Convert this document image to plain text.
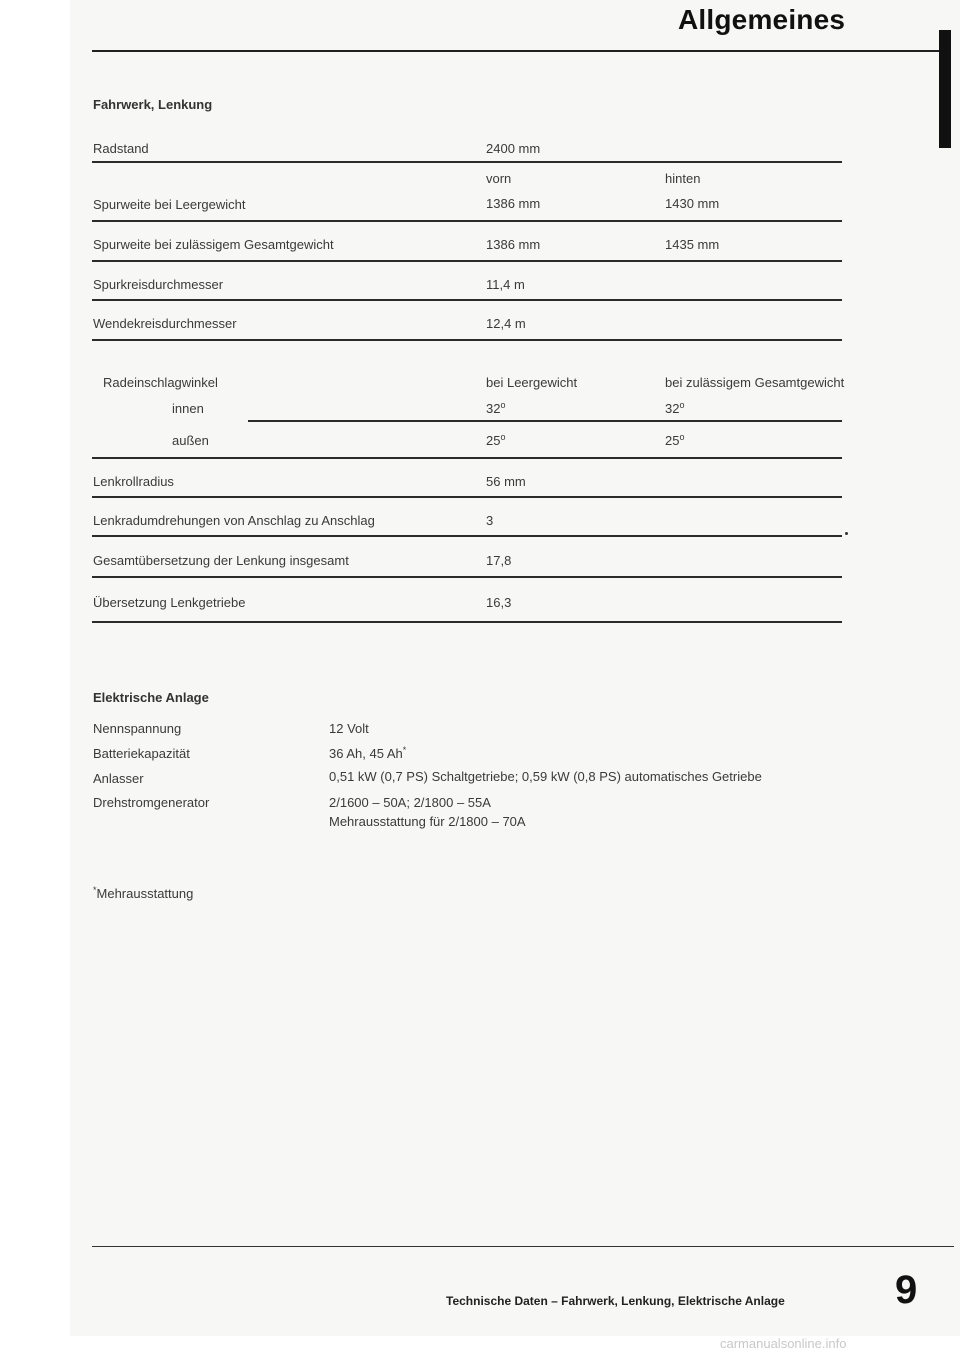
Allgemeines
Fahrwerk, Lenkung
Radstand	2400 mm
vorn	hinten
Spurweite bei Leergewicht	1386 mm	1430 mm
Spurweite bei zulässigem Gesamtgewicht	1386 mm	1435 mm
Spurkreisdurchmesser	11,4 m
Wendekreisdurchmesser	12,4 m
Radeinschlagwinkel	bei Leergewicht	bei zulässigem Gesamtgewicht
innen	32$^o$	32$^o$
außen	25$^o$	25$^o$
Lenkrollradius	56 mm
Lenkradumdrehungen von Anschlag zu Anschlag	3
Gesamtübersetzung der Lenkung insgesamt	17,8
Übersetzung Lenkgetriebe	16,3
Elektrische Anlage
Nennspannung	12 Volt
Batteriekapazität	36 Ah, 45 Ah*
Anlasser	0,51 kW (0,7 PS) Schaltgetriebe; 0,59 kW (0,8 PS) automatisches Getriebe
Drehstromgenerator	2/1600 – 50A; 2/1800 – 55A
Mehrausstattung für 2/1800 – 70A
*Mehrausstattung
Technische Daten – Fahrwerk, Lenkung, Elektrische Anlage	9
carmanualsonline.info
